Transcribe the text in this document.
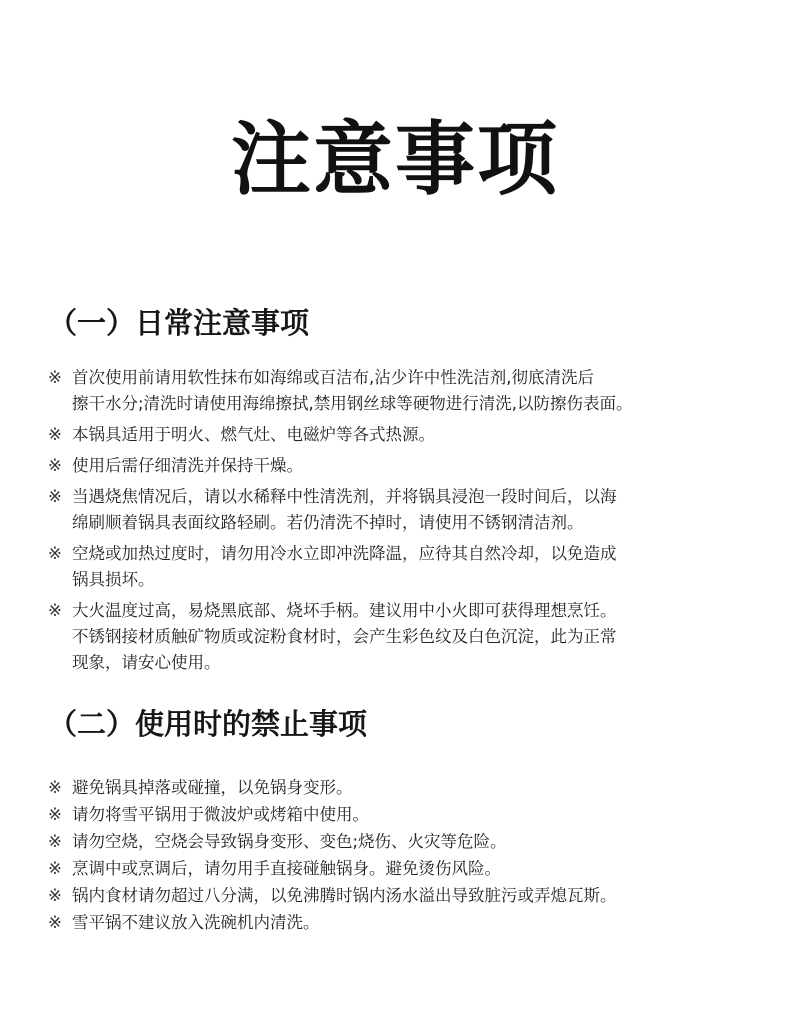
注意事项
（一）日常注意事项
※ 首次使用前请用软性抹布如海绵或百洁布,沾少许中性洗洁剂,彻底清洗后
擦干水分;清洗时请使用海绵擦拭,禁用钢丝球等硬物进行清洗,以防擦伤表面。
※ 本锅具适用于明火、燃气灶、电磁炉等各式热源。
※ 使用后需仔细清洗并保持干燥。
※ 当遇烧焦情况后，请以水稀释中性清洗剂，并将锅具浸泡一段时间后，以海
绵刷顺着锅具表面纹路轻刷。若仍清洗不掉时，请使用不锈钢清洁剂。
※ 空烧或加热过度时，请勿用冷水立即冲洗降温，应待其自然冷却，以免造成
锅具损坏。
※ 大火温度过高，易烧黑底部、烧坏手柄。建议用中小火即可获得理想烹饪。
不锈钢接材质触矿物质或淀粉食材时，会产生彩色纹及白色沉淀，此为正常
现象，请安心使用。
（二）使用时的禁止事项
※ 避免锅具掉落或碰撞，以免锅身变形。
※ 请勿将雪平锅用于微波炉或烤箱中使用。
※ 请勿空烧，空烧会导致锅身变形、变色;烧伤、火灾等危险。
※ 烹调中或烹调后，请勿用手直接碰触锅身。避免烫伤风险。
※ 锅内食材请勿超过八分满，以免沸腾时锅内汤水溢出导致脏污或弄熄瓦斯。
※ 雪平锅不建议放入洗碗机内清洗。
